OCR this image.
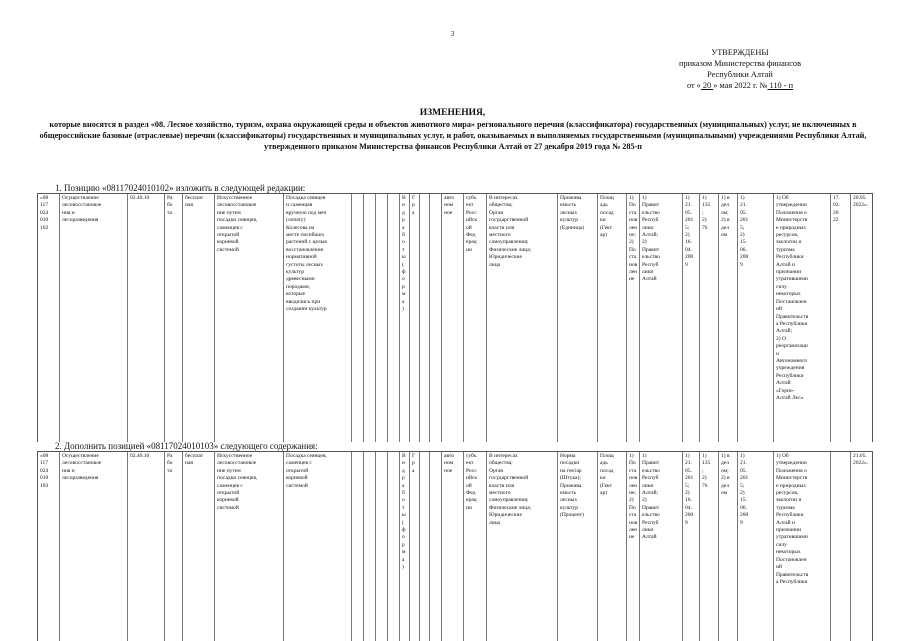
3
УТВЕРЖДЕНЫ
приказом Министерства финансов
Республики Алтай
от « 20 » мая 2022 г. № 110 - п
ИЗМЕНЕНИЯ,
которые вносятся в раздел «08. Лесное хозяйство, туризм, охрана окружающей среды и объектов животного мира» регионального перечня (классификатора) государственных (муниципальных) услуг, не включенных в общероссийские базовые (отраслевые) перечни (классификаторы) государственных и муниципальных услуг, и работ, оказываемых и выполняемых государственными (муниципальными) учреждениями Республики Алтай, утвержденного приказом Министерства финансов Республики Алтай от 27 декабря 2019 года № 285-п
1. Позицию «08117024010102» изложить в следующей редакции:
«08
117
024
010
102
Осуществление
лесовосстановле
ния и
лесоразведения
02.40.10	Ра
бо
та
бесплат
ная
Искусственное
лесовосстановле
ние путем
посадки сеянцев,
саженцев с
открытой
корневой
системой
Посадка сеянцев
и саженцев
вручную под меч
(лопату)
Колесова на
месте погибших
растений с целью
восстановления
нормативной
густоты лесных
культур
древесными
породами,
которые
вводились при
создании культур
В
и
д
р
а
б
о
т
ы
(
ф
о
р
м
а
)
Г
р
а
авто
ном
ное
субъ
ект
Росс
ийск
ой
Фед
ерац
ии
В интересах
общества;
Орган
государственной
власти или
местного
самоуправления;
Физические лица;
Юридические
лица
Прижива
емость
лесных
культур
(Единица)
Площ
адь
посад
ки
(Гект
ар)
1)
По
ста
нов
лен
ие;
2)
По
ста
нов
лен
ие
1)
Правит
ельство
Респуб
лики
Алтай;
2)
Правит
ельство
Респуб
лики
Алтай
1)
21.
05.
201
5;
2)
16.
04.
200
9
1)
135
;
2)
76
1) в
дел
ом;
2) в
дел
ом
1)
21.
05.
201
5;
2)
15.
06.
200
9
1) Об
утверждении
Положения о
Министерств
е природных
ресурсов,
экологии и
туризма
Республики
Алтай и
признании
утратившими
силу
некоторых
Постановлен
ий
Правительств
а Республики
Алтай;
2) О
реорганизаци
и
Автономного
учреждения
Республики
Алтай
«Горно-
Алтай Лес»
17.
02.
20
22
20.05.
2022».
2. Дополнить позицией «08117024010103» следующего содержания:
«08
117
024
010
103
Осуществление
лесовосстановле
ния и
лесоразведения
02.40.10	Ра
бо
та
бесплат
ная
Искусственное
лесовосстановле
ние путем
посадки сеянцев,
саженцев с
открытой
корневой
системой
Посадка сеянцев,
саженцев с
открытой
корневой
системой
В
и
д
р
а
б
о
т
ы
(
ф
о
р
м
а
)
Г
р
а
авто
ном
ное
субъ
ект
Росс
ийск
ой
Фед
ерац
ии
В интересах
общества;
Орган
государственной
власти или
местного
самоуправления;
Физические лица;
Юридические
лица
Норма
посадки
на гектар
(Штука);
Прижива
емость
лесных
культур
(Процент)
Площ
адь
посад
ки
(Гект
ар)
1)
По
ста
нов
лен
ие;
2)
По
ста
нов
лен
ие
1)
Правит
ельство
Респуб
лики
Алтай;
2)
Правит
ельство
Респуб
лики
Алтай
1)
21.
05.
201
5;
2)
16.
04.
200
9
1)
135
;
2)
76
1) в
дел
ом;
2) в
дел
ом
1)
21.
05.
201
5;
2)
15.
06.
200
9
1) Об
утверждении
Положения о
Министерств
е природных
ресурсов,
экологии и
туризма
Республики
Алтай и
признании
утратившими
силу
некоторых
Постановлен
ий
Правительств
а Республики
21.05.
2022».
